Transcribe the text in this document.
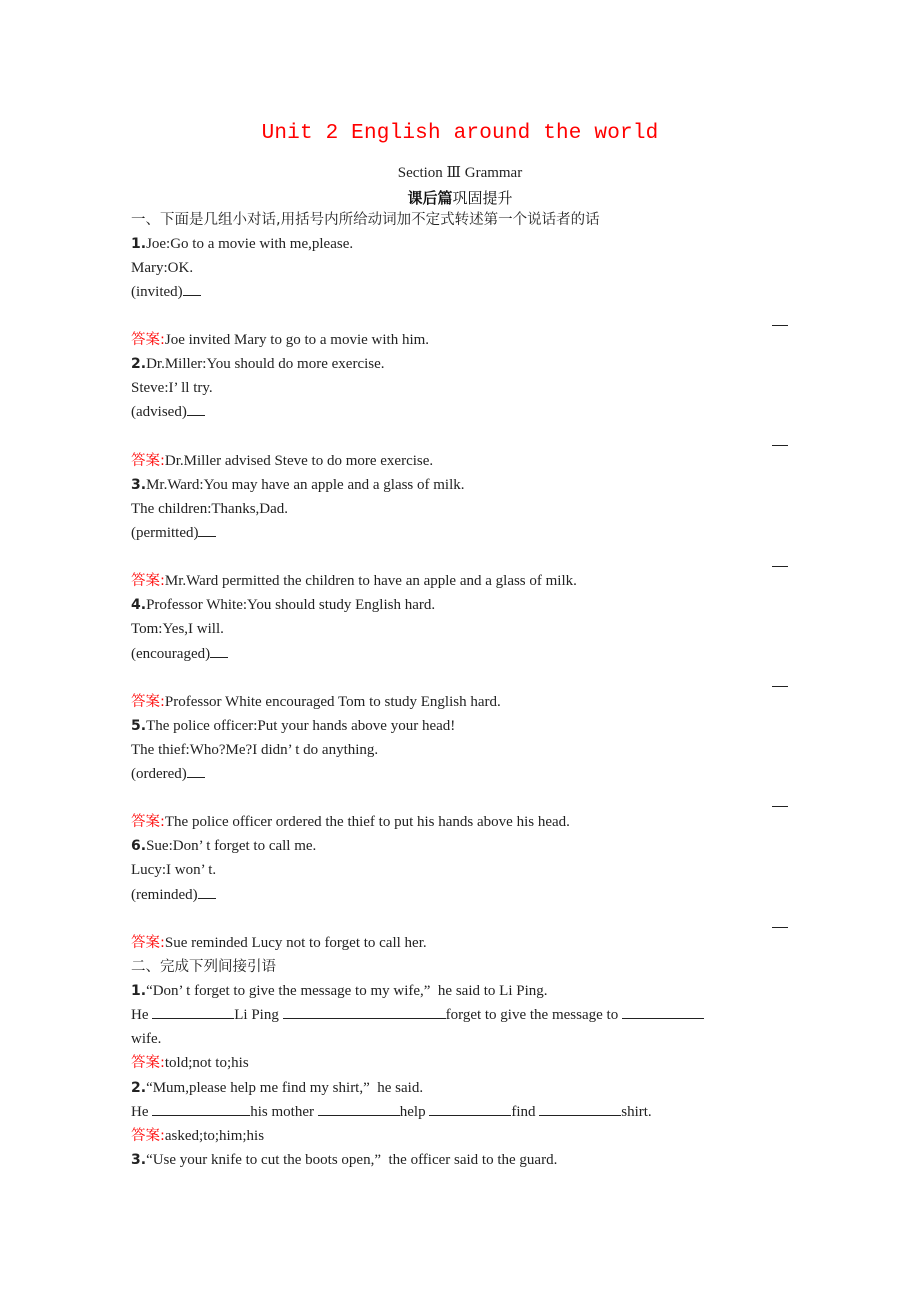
Unit 2 English around the world
Section Ⅲ Grammar
课后篇巩固提升
一、下面是几组小对话,用括号内所给动词加不定式转述第一个说话者的话
1.Joe:Go to a movie with me,please.
Mary:OK.
(invited)
答案:Joe invited Mary to go to a movie with him.
2.Dr.Miller:You should do more exercise.
Steve:I’ ll try.
(advised)
答案:Dr.Miller advised Steve to do more exercise.
3.Mr.Ward:You may have an apple and a glass of milk.
The children:Thanks,Dad.
(permitted)
答案:Mr.Ward permitted the children to have an apple and a glass of milk.
4.Professor White:You should study English hard.
Tom:Yes,I will.
(encouraged)
答案:Professor White encouraged Tom to study English hard.
5.The police officer:Put your hands above your head!
The thief:Who?Me?I didn’ t do anything.
(ordered)
答案:The police officer ordered the thief to put his hands above his head.
6.Sue:Don’ t forget to call me.
Lucy:I won’ t.
(reminded)
答案:Sue reminded Lucy not to forget to call her.
二、完成下列间接引语
1.“Don’ t forget to give the message to my wife,”  he said to Li Ping.
He	Li Ping	forget to give the message to
wife.
答案:told;not to;his
2.“Mum,please help me find my shirt,”  he said.
He	his mother	help	find	shirt.
答案:asked;to;him;his
3.“Use your knife to cut the boots open,”  the officer said to the guard.
